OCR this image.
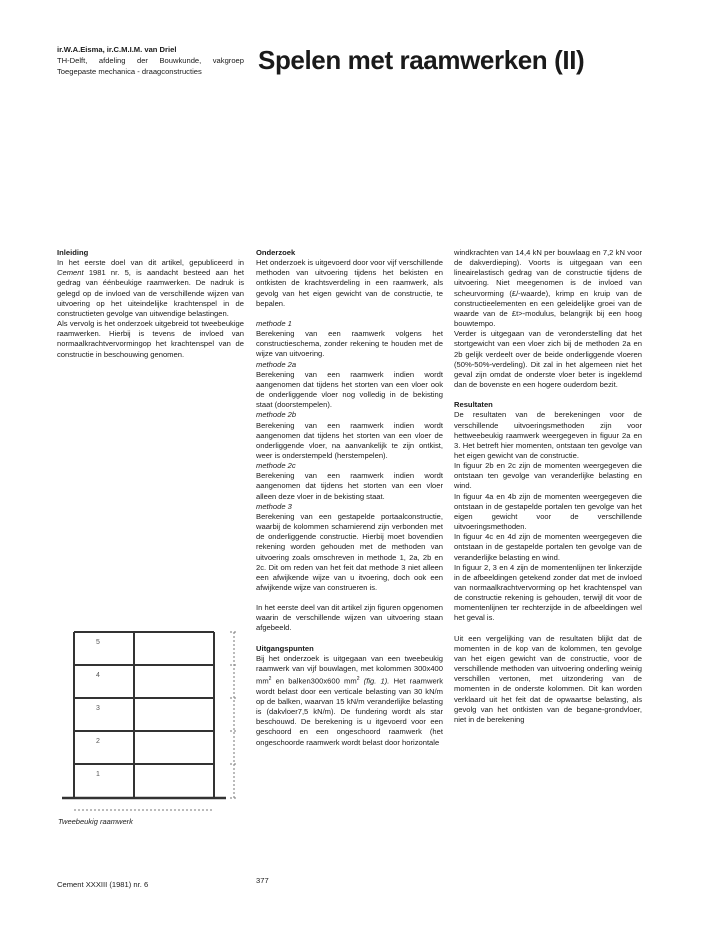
ir.W.A.Eisma, ir.C.M.I.M. van Driel

TH-Delft, afdeling der Bouwkunde, vakgroep Toegepaste mechanica - draagconstructies	Spelen met raamwerken (II)

Inleiding

In het eerste doel van dit artikel, gepubliceerd in Cement 1981 nr. 5, is aandacht besteed aan het gedrag van éénbeukige raamwerken. De nadruk is gelegd op de invloed van de verschillende wijzen van uitvoering op het uiteindelijke krachtenspel in de constructieten gevolge van uitwendige belastingen.

Als vervolg is het onderzoek uitgebreid tot tweebeukige raamwerken. Hierbij is tevens de invloed van normaalkrachtvervormingop het krachtenspel van de constructie in beschouwing genomen.

Onderzoek

Het onderzoek is uitgevoerd door voor vijf verschillende methoden van uitvoering tijdens het bekisten en ontkisten de krachtsverdeling in een raamwerk, als gevolg van het eigen gewicht van de constructie, te bepalen.

methode 1

Berekening van een raamwerk volgens het constructieschema, zonder rekening te houden met de wijze van uitvoering.

methode 2a

Berekening van een raamwerk indien wordt aangenomen dat tijdens het storten van een vloer ook de onderliggende vloer nog volledig in de bekisting staat (doorstempelen).

methode 2b

Berekening van een raamwerk indien wordt aangenomen dat tijdens het storten van een vloer de onderliggende vloer, na aanvankelijk te zijn ontkist, weer is onderstempeld (herstempelen).

methode 2c

Berekening van een raamwerk indien wordt aangenomen dat tijdens het storten van een vloer alleen deze vloer in de bekisting staat.

methode 3

Berekening van een gestapelde portaalconstructie, waarbij de kolommen scharnierend zijn verbonden met de onderliggende constructie. Hierbij moet bovendien rekening worden gehouden met de methoden van uitvoering zoals omschreven in methode 1, 2a, 2b en 2c. Dit om reden van het feit dat methode 3 niet alleen een afwijkende wijze van u itvoering, doch ook een afwijkende wijze van construeren is.

In het eerste deel van dit artikel zijn figuren opgenomen waarin de verschillende wijzen van uitvoering staan afgebeeld.

Uitgangspunten

Bij het onderzoek is uitgegaan van een tweebeukig raamwerk van vijf bouwlagen, met kolommen 300x400 $mm^2$ en balken300x600 $mm^2$ (fig. 1). Het raamwerk wordt belast door een verticale belasting van 30 kN/m op de balken, waarvan 15 kN/m veranderlijke belasting is (dakvloer7,5 kN/m). De fundering wordt als star beschouwd. De berekening is u itgevoerd voor een geschoord en een ongeschoord raamwerk (het ongeschoorde raamwerk wordt belast door horizontale

windkrachten van 14,4 kN per bouwlaag en 7,2 kN voor de dakverdieping). Voorts is uitgegaan van een lineairelastisch gedrag van de constructie tijdens de uitvoering. Niet meegenomen is de invloed van scheurvorming (£/-waarde), krimp en kruip van de constructieelementen en een geleidelijke groei van de waarde van de £t>-modulus, belangrijk bij een hoog bouwtempo.

Verder is uitgegaan van de veronderstelling dat het stortgewicht van een vloer zich bij de methoden 2a en 2b gelijk verdeelt over de beide onderliggende vloeren (50%-50%-verdeling). Dit zal in het algemeen niet het geval zijn omdat de onderste vloer beter is ingeklemd dan de bovenste en een hogere ouderdom bezit.

Resultaten

De resultaten van de berekeningen voor de verschillende uitvoeringsmethoden zijn voor hettweebeukig raamwerk weergegeven in figuur 2a en 3. Het betreft hier momenten, ontstaan ten gevolge van het eigen gewicht van de constructie.

In figuur 2b en 2c zijn de momenten weergegeven die ontstaan ten gevolge van veranderlijke belasting en wind.

In figuur 4a en 4b zijn de momenten weergegeven die ontstaan in de gestapelde portalen ten gevolge van het eigen gewicht voor de verschillende uitvoeringsmethoden.

In figuur 4c en 4d zijn de momenten weergegeven die ontstaan in de gestapelde portalen ten gevolge van de veranderlijke belasting en wind.

In figuur 2, 3 en 4 zijn de momentenlijnen ter linkerzijde in de afbeeldingen getekend zonder dat met de invloed van normaalkrachtvervorming op het krachtenspel van de constructie rekening is gehouden, terwijl dit voor de momentenlijnen ter rechterzijde in de afbeeldingen wel het geval is.

Uit een vergelijking van de resultaten blijkt dat de momenten in de kop van de kolommen, ten gevolge van het eigen gewicht van de constructie, voor de verschillende methoden van uitvoering onderling weinig verschillen vertonen, met uitzondering van de momenten in de onderste kolommen. Dit kan worden verklaard uit het feit dat de opwaartse belasting, als gevolg van het ontkisten van de begane-grondvloer, niet in de berekening

5
4
3
2
1
Tweebeukig raamwerk
Cement XXXIII (1981) nr. 6	377
